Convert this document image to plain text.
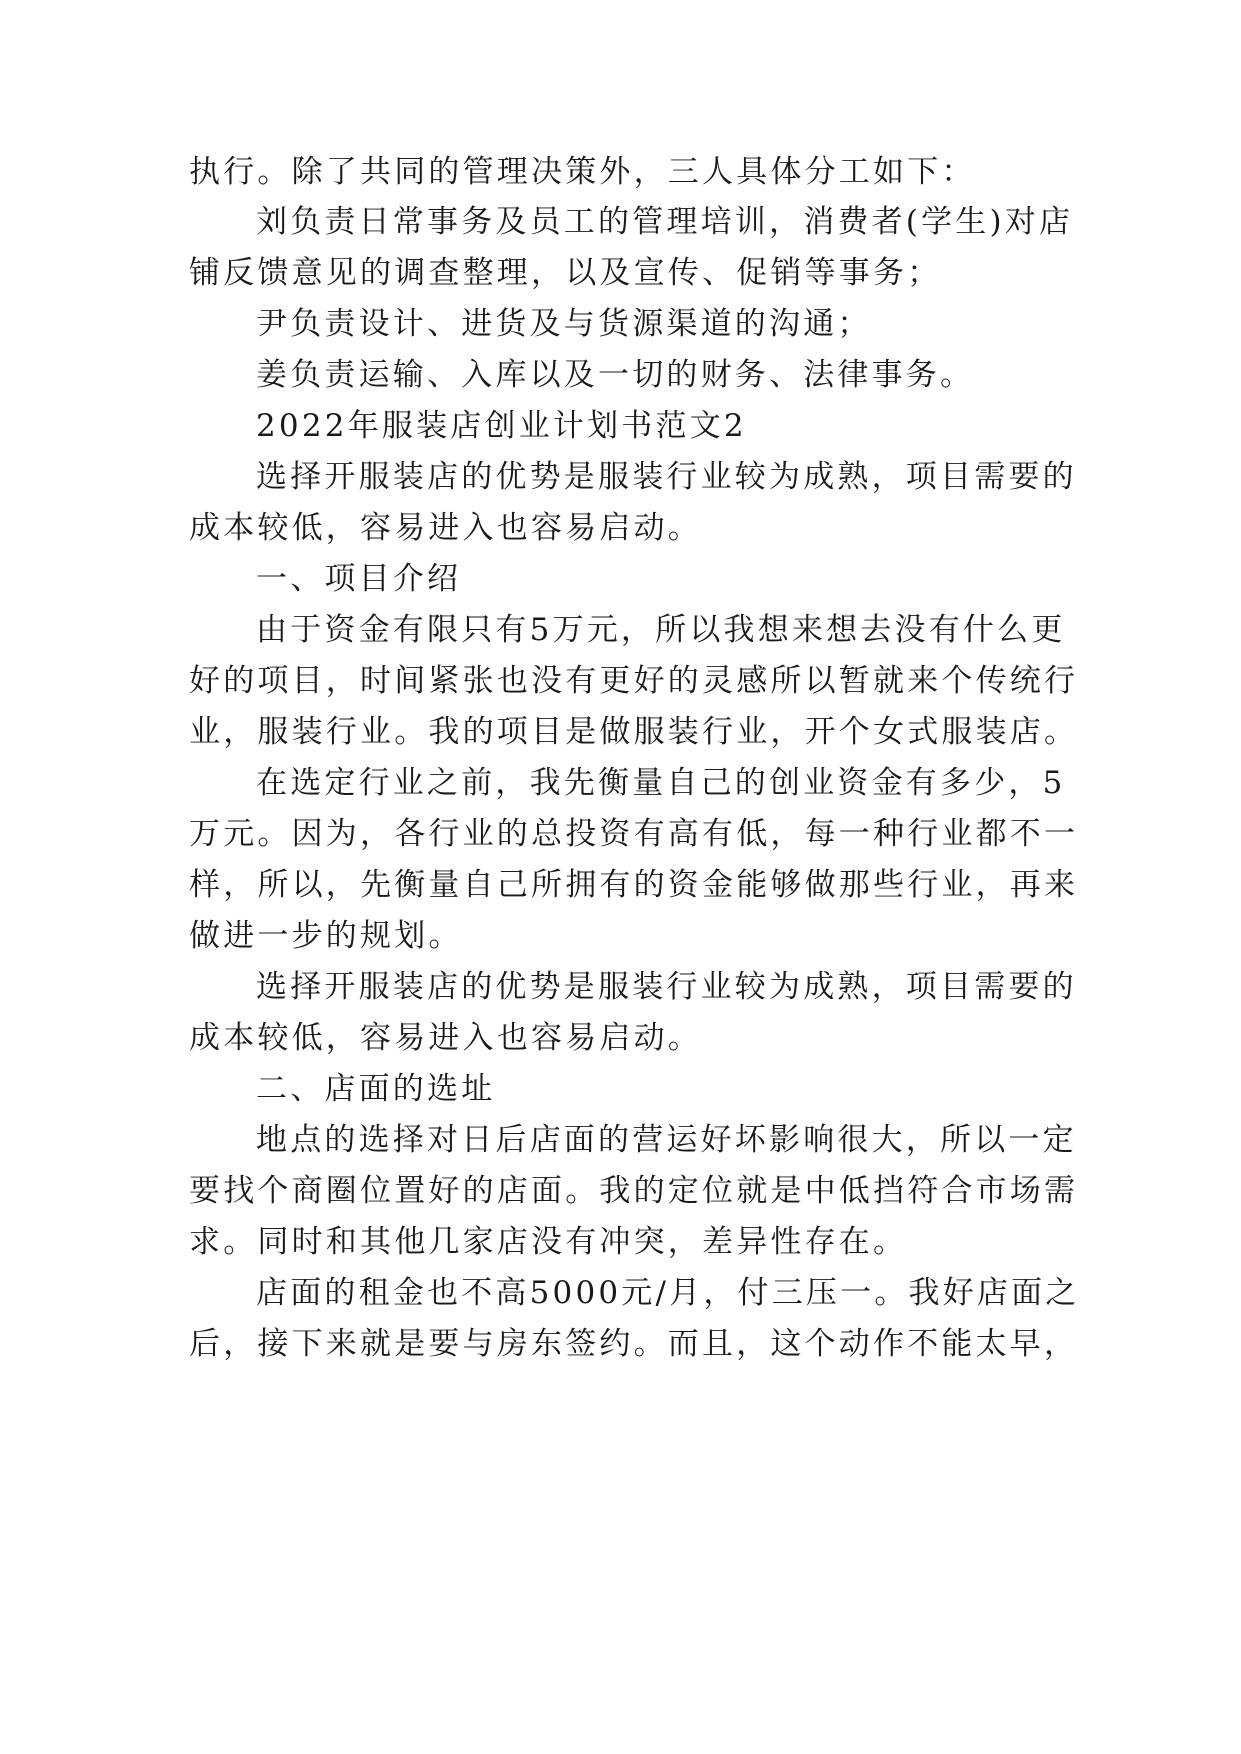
执行。除了共同的管理决策外，三人具体分工如下：
刘负责日常事务及员工的管理培训，消费者(学生)对店
铺反馈意见的调查整理，以及宣传、促销等事务；
尹负责设计、进货及与货源渠道的沟通；
姜负责运输、入库以及一切的财务、法律事务。
2022年服装店创业计划书范文2
选择开服装店的优势是服装行业较为成熟，项目需要的
成本较低，容易进入也容易启动。
一、项目介绍
由于资金有限只有5万元，所以我想来想去没有什么更
好的项目，时间紧张也没有更好的灵感所以暂就来个传统行
业，服装行业。我的项目是做服装行业，开个女式服装店。
在选定行业之前，我先衡量自己的创业资金有多少，5
万元。因为，各行业的总投资有高有低，每一种行业都不一
样，所以，先衡量自己所拥有的资金能够做那些行业，再来
做进一步的规划。
选择开服装店的优势是服装行业较为成熟，项目需要的
成本较低，容易进入也容易启动。
二、店面的选址
地点的选择对日后店面的营运好坏影响很大，所以一定
要找个商圈位置好的店面。我的定位就是中低挡符合市场需
求。同时和其他几家店没有冲突，差异性存在。
店面的租金也不高5000元/月，付三压一。我好店面之
后，接下来就是要与房东签约。而且，这个动作不能太早，
